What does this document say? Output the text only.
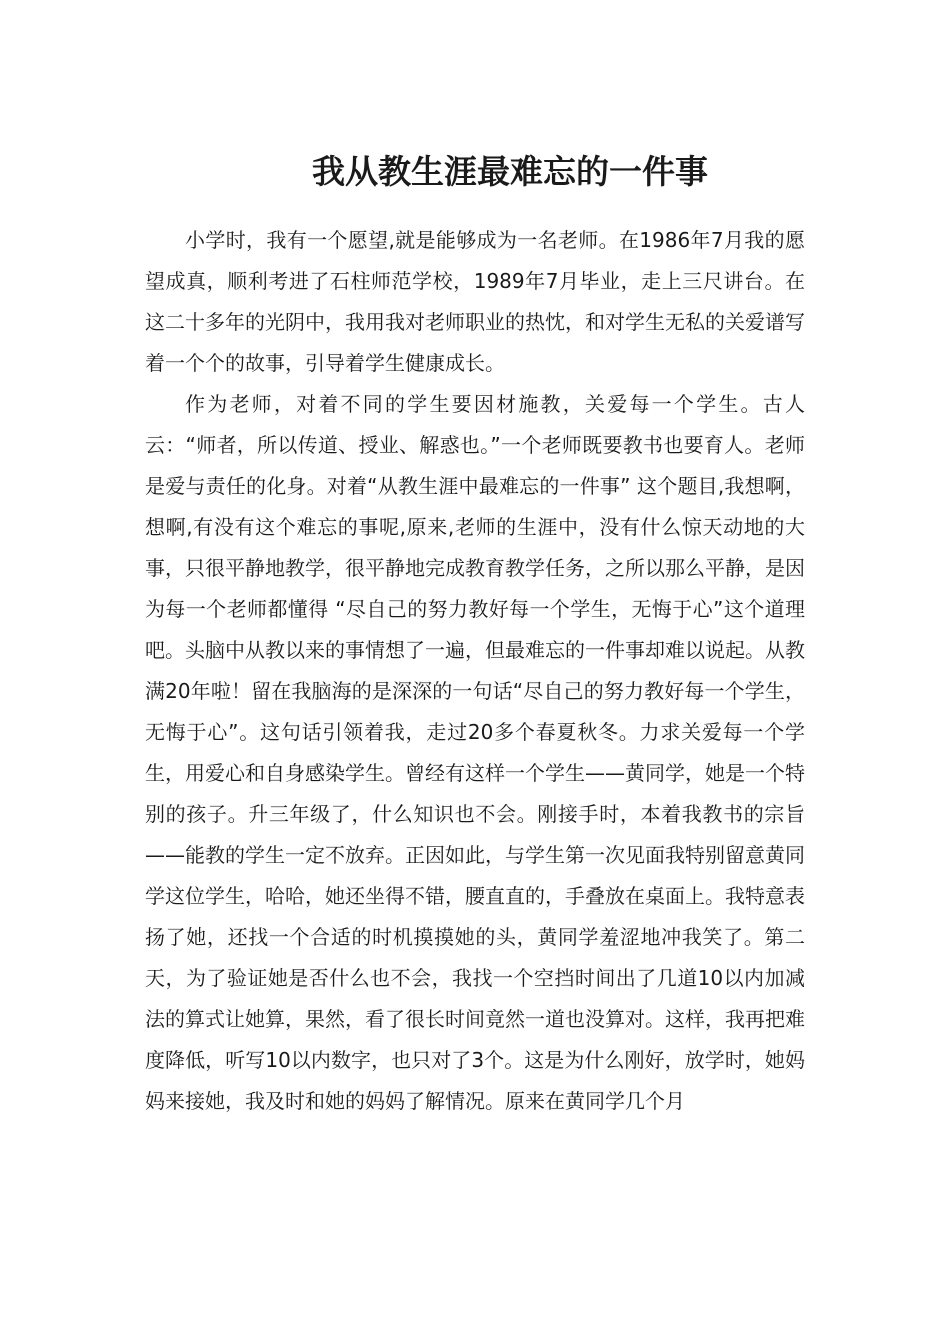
我从教生涯最难忘的一件事

小学时，我有一个愿望,就是能够成为一名老师。在1986年7月我的愿望成真，顺利考进了石柱师范学校，1989年7月毕业，走上三尺讲台。在这二十多年的光阴中，我用我对老师职业的热忱，和对学生无私的关爱谱写着一个个的故事，引导着学生健康成长。

作为老师，对着不同的学生要因材施教，关爱每一个学生。古人云：“师者，所以传道、授业、解惑也。”一个老师既要教书也要育人。老师是爱与责任的化身。对着“从教生涯中最难忘的一件事” 这个题目,我想啊，想啊,有没有这个难忘的事呢,原来,老师的生涯中，没有什么惊天动地的大事，只很平静地教学，很平静地完成教育教学任务，之所以那么平静，是因为每一个老师都懂得 “尽自己的努力教好每一个学生，无悔于心”这个道理吧。头脑中从教以来的事情想了一遍，但最难忘的一件事却难以说起。从教满20年啦！留在我脑海的是深深的一句话“尽自己的努力教好每一个学生，无悔于心”。这句话引领着我，走过20多个春夏秋冬。力求关爱每一个学生，用爱心和自身感染学生。曾经有这样一个学生——黄同学，她是一个特别的孩子。升三年级了，什么知识也不会。刚接手时，本着我教书的宗旨——能教的学生一定不放弃。正因如此，与学生第一次见面我特别留意黄同学这位学生，哈哈，她还坐得不错，腰直直的，手叠放在桌面上。我特意表扬了她，还找一个合适的时机摸摸她的头，黄同学羞涩地冲我笑了。第二天，为了验证她是否什么也不会，我找一个空挡时间出了几道10以内加减法的算式让她算，果然，看了很长时间竟然一道也没算对。这样，我再把难度降低，听写10以内数字，也只对了3个。这是为什么刚好，放学时，她妈妈来接她，我及时和她的妈妈了解情况。原来在黄同学几个月
